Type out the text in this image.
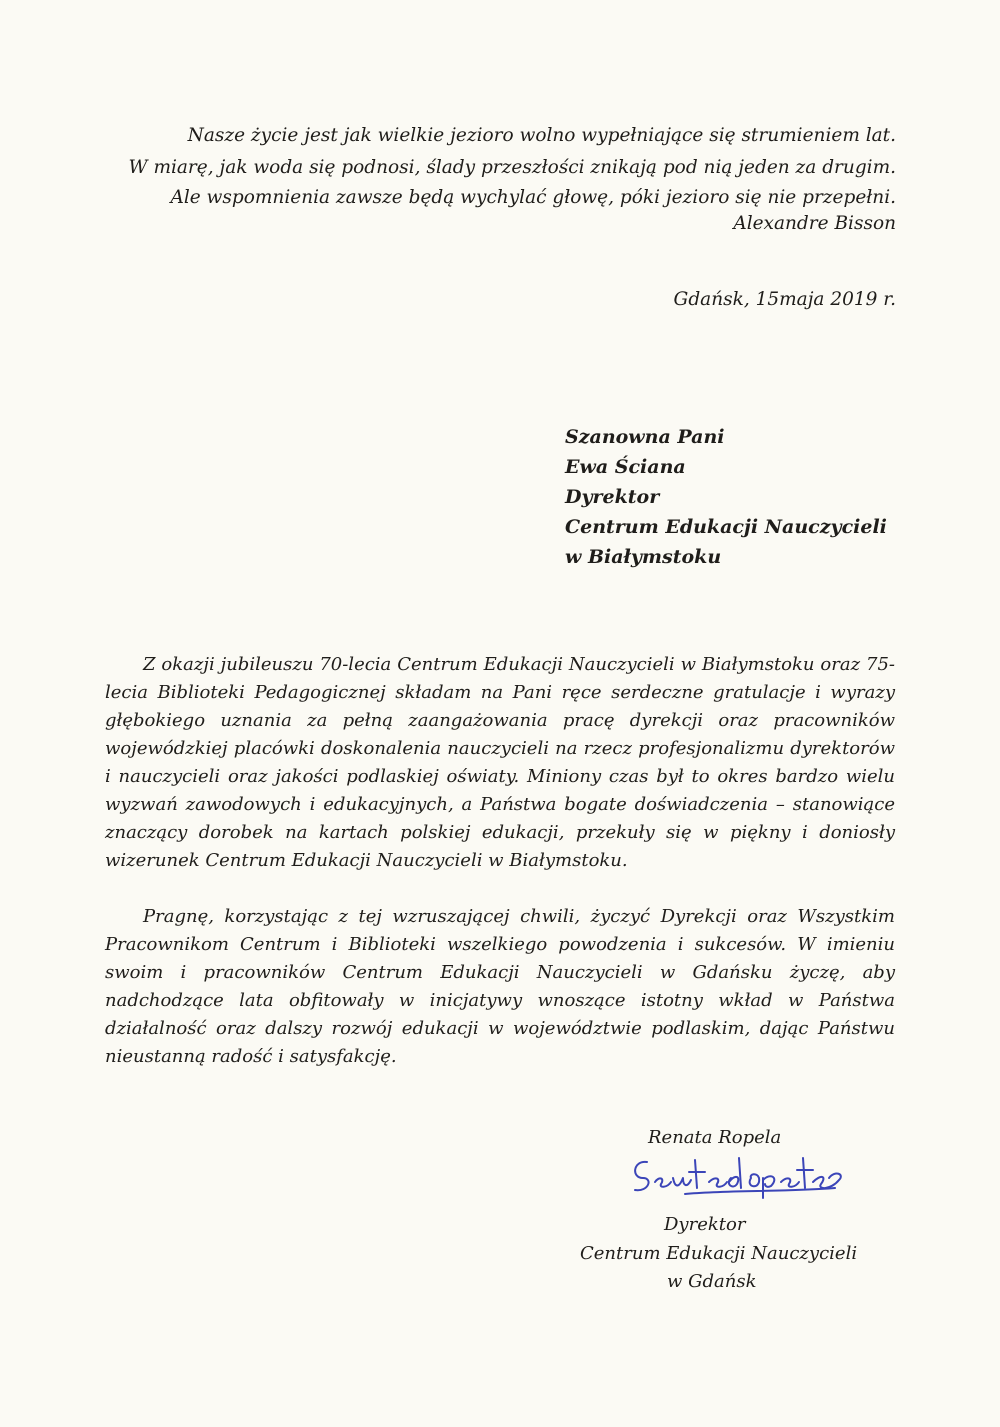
Nasze życie jest jak wielkie jezioro wolno wypełniające się strumieniem lat.
W miarę, jak woda się podnosi, ślady przeszłości znikają pod nią jeden za drugim.
Ale wspomnienia zawsze będą wychylać głowę, póki jezioro się nie przepełni.
Alexandre Bisson
Gdańsk, 15maja 2019 r.
Szanowna Pani
Ewa Ściana
Dyrektor
Centrum Edukacji Nauczycieli
w Białymstoku

Z okazji jubileuszu 70-lecia Centrum Edukacji Nauczycieli w Białymstoku oraz 75-lecia Biblioteki Pedagogicznej składam na Pani ręce serdeczne gratulacje i wyrazy głębokiego uznania za pełną zaangażowania pracę dyrekcji oraz pracowników wojewódzkiej placówki doskonalenia nauczycieli na rzecz profesjonalizmu dyrektorów i nauczycieli oraz jakości podlaskiej oświaty. Miniony czas był to okres bardzo wielu wyzwań zawodowych i edukacyjnych, a Państwa bogate doświadczenia – stanowiące znaczący dorobek na kartach polskiej edukacji, przekuły się w piękny i doniosły wizerunek Centrum Edukacji Nauczycieli w Białymstoku.

Pragnę, korzystając z tej wzruszającej chwili, życzyć Dyrekcji oraz Wszystkim Pracownikom Centrum i Biblioteki wszelkiego powodzenia i sukcesów. W imieniu swoim i pracowników Centrum Edukacji Nauczycieli w Gdańsku życzę, aby nadchodzące lata obfitowały w inicjatywy wnoszące istotny wkład w Państwa działalność oraz dalszy rozwój edukacji w województwie podlaskim, dając Państwu nieustanną radość i satysfakcję.

Renata Ropela
Dyrektor
Centrum Edukacji Nauczycieli
w Gdańsk
